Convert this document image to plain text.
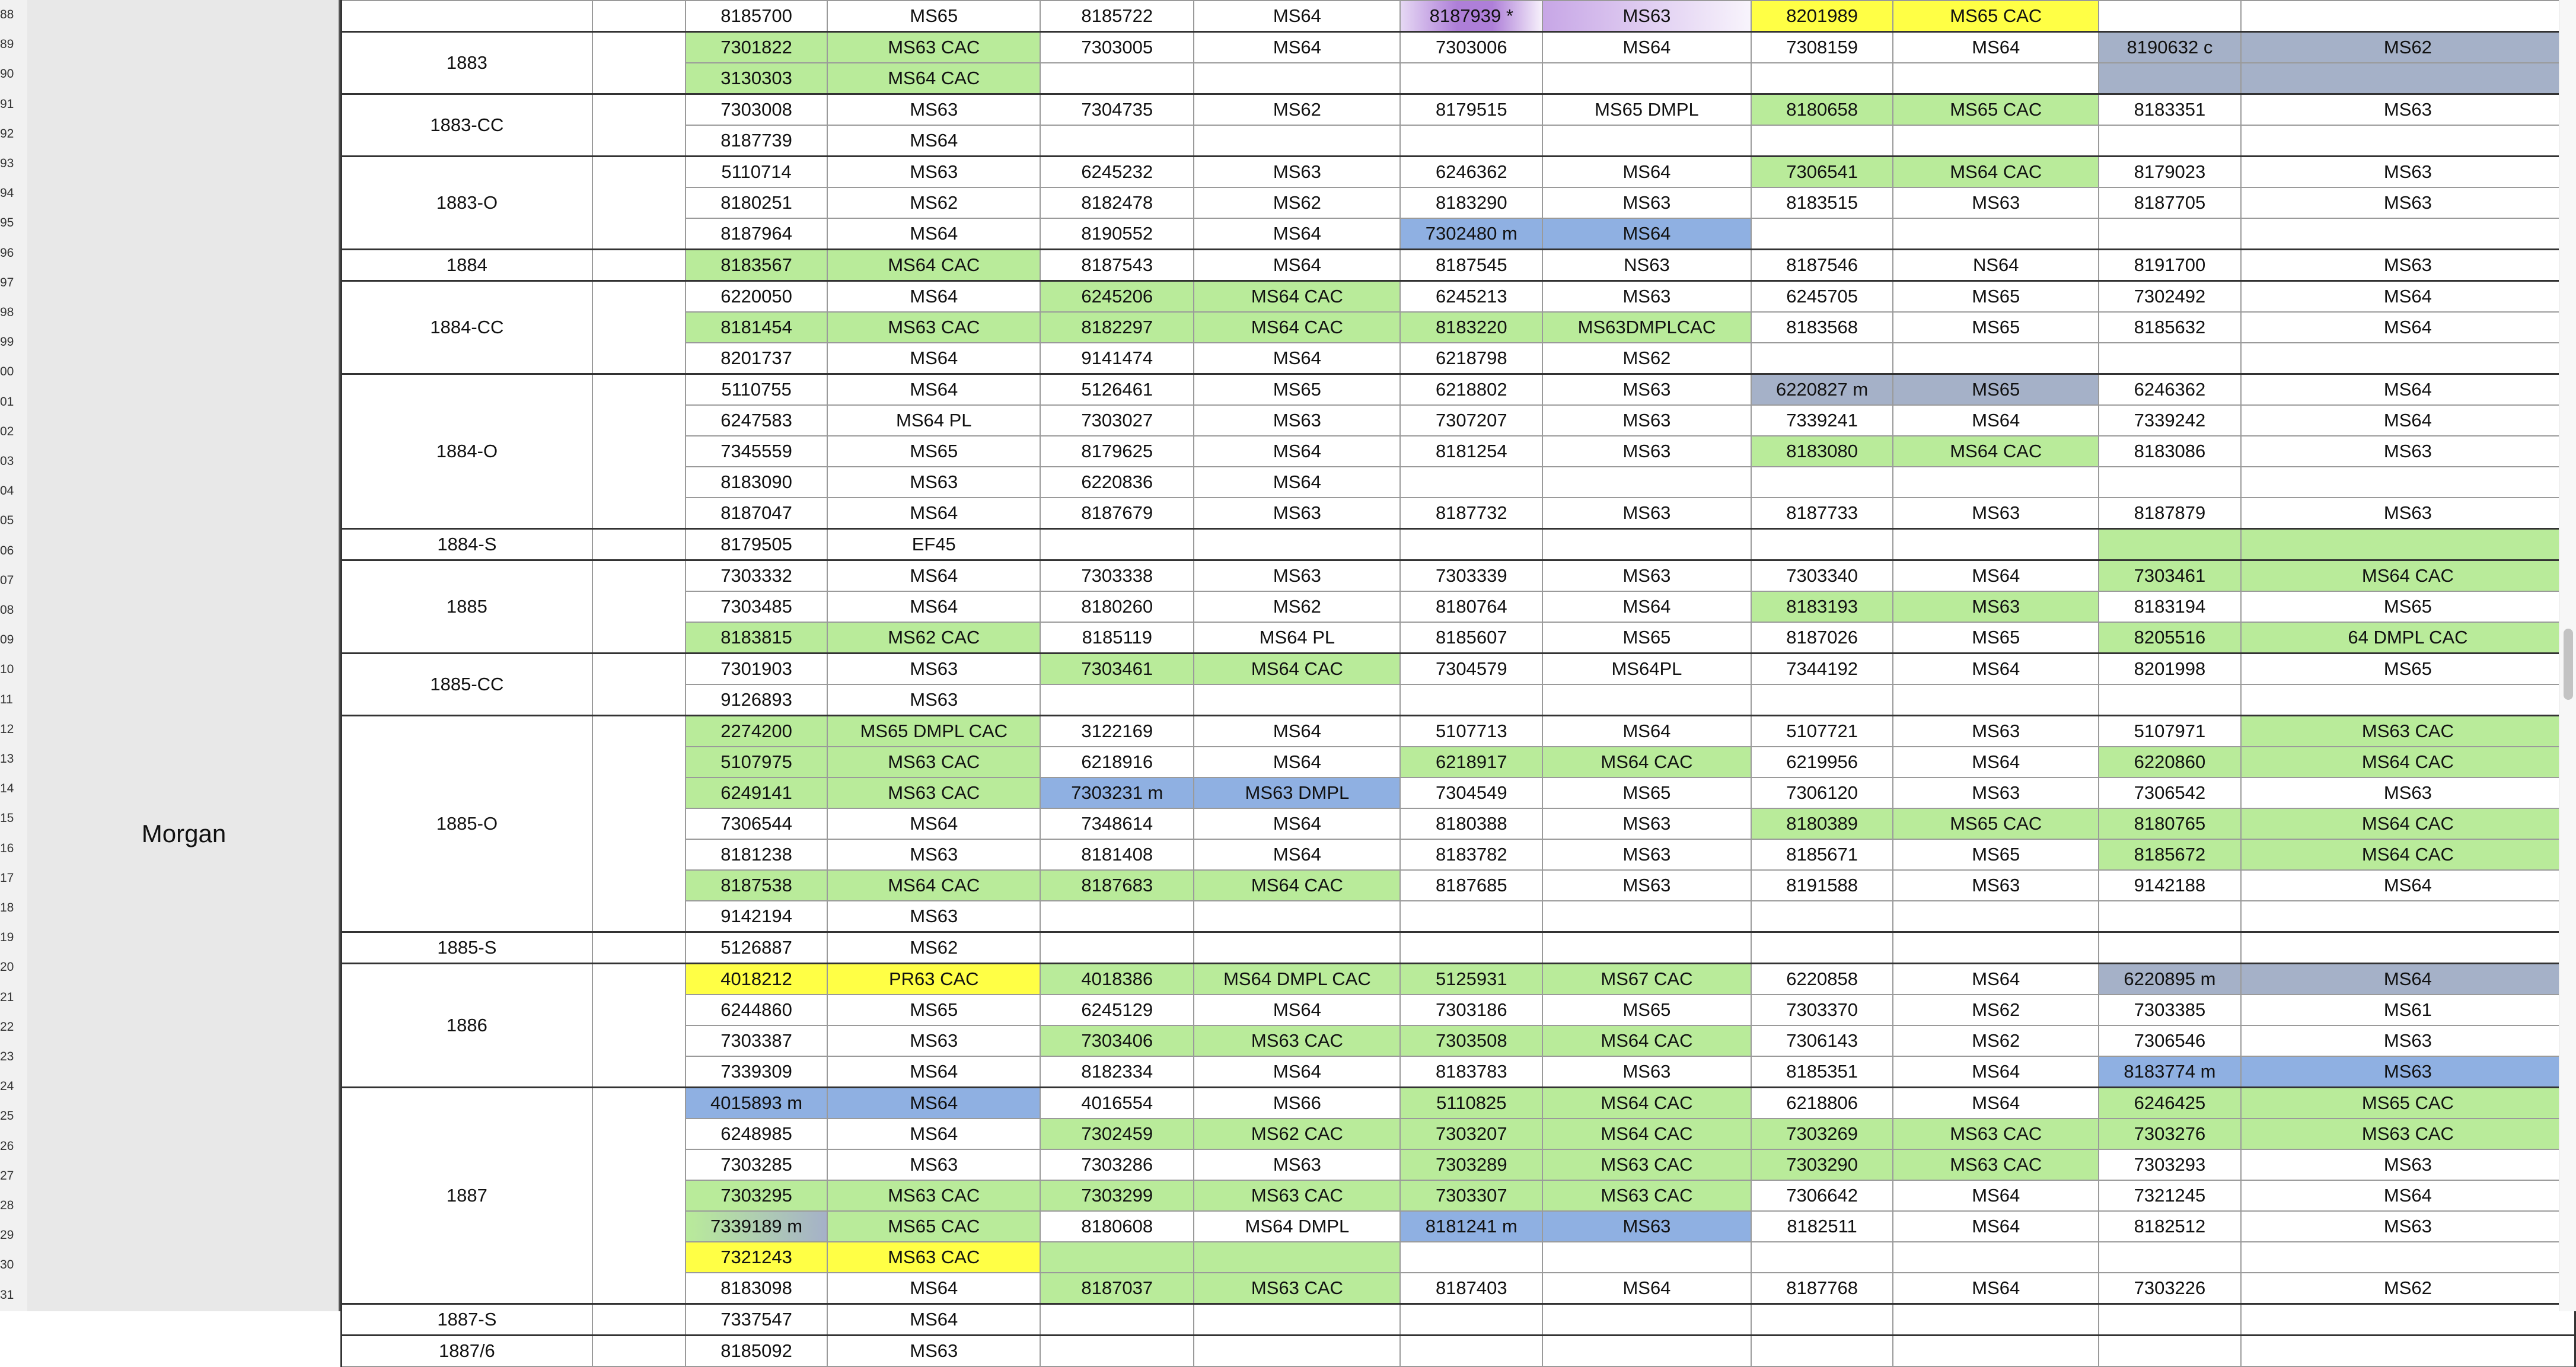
88
89
90
91
92
93
94
95
96
97
98
99
00
01
02
03
04
05
06
07
08
09
10
11
12
13
14
15
16
17
18
19
20
21
22
23
24
25
26
27
28
29
30
31
Morgan
		8185700	MS65	8185722	MS64	8187939 *	MS63	8201989	MS65 CAC		
1883		7301822	MS63 CAC	7303005	MS64	7303006	MS64	7308159	MS64	8190632 c	MS62
		3130303	MS64 CAC								
1883-CC		7303008	MS63	7304735	MS62	8179515	MS65 DMPL	8180658	MS65 CAC	8183351	MS63
		8187739	MS64								
1883-O		5110714	MS63	6245232	MS63	6246362	MS64	7306541	MS64 CAC	8179023	MS63
		8180251	MS62	8182478	MS62	8183290	MS63	8183515	MS63	8187705	MS63
		8187964	MS64	8190552	MS64	7302480 m	MS64				
1884		8183567	MS64 CAC	8187543	MS64	8187545	NS63	8187546	NS64	8191700	MS63
1884-CC		6220050	MS64	6245206	MS64 CAC	6245213	MS63	6245705	MS65	7302492	MS64
		8181454	MS63 CAC	8182297	MS64 CAC	8183220	MS63DMPLCAC	8183568	MS65	8185632	MS64
		8201737	MS64	9141474	MS64	6218798	MS62				
1884-O		5110755	MS64	5126461	MS65	6218802	MS63	6220827 m	MS65	6246362	MS64
		6247583	MS64 PL	7303027	MS63	7307207	MS63	7339241	MS64	7339242	MS64
		7345559	MS65	8179625	MS64	8181254	MS63	8183080	MS64 CAC	8183086	MS63
		8183090	MS63	6220836	MS64						
		8187047	MS64	8187679	MS63	8187732	MS63	8187733	MS63	8187879	MS63
1884-S		8179505	EF45								
1885		7303332	MS64	7303338	MS63	7303339	MS63	7303340	MS64	7303461	MS64 CAC
		7303485	MS64	8180260	MS62	8180764	MS64	8183193	MS63	8183194	MS65
		8183815	MS62 CAC	8185119	MS64 PL	8185607	MS65	8187026	MS65	8205516	64 DMPL CAC
1885-CC		7301903	MS63	7303461	MS64 CAC	7304579	MS64PL	7344192	MS64	8201998	MS65
		9126893	MS63								
1885-O		2274200	MS65 DMPL CAC	3122169	MS64	5107713	MS64	5107721	MS63	5107971	MS63 CAC
		5107975	MS63 CAC	6218916	MS64	6218917	MS64 CAC	6219956	MS64	6220860	MS64 CAC
		6249141	MS63 CAC	7303231 m	MS63 DMPL	7304549	MS65	7306120	MS63	7306542	MS63
		7306544	MS64	7348614	MS64	8180388	MS63	8180389	MS65 CAC	8180765	MS64 CAC
		8181238	MS63	8181408	MS64	8183782	MS63	8185671	MS65	8185672	MS64 CAC
		8187538	MS64 CAC	8187683	MS64 CAC	8187685	MS63	8191588	MS63	9142188	MS64
		9142194	MS63								
1885-S		5126887	MS62								
1886		4018212	PR63 CAC	4018386	MS64 DMPL CAC	5125931	MS67 CAC	6220858	MS64	6220895 m	MS64
		6244860	MS65	6245129	MS64	7303186	MS65	7303370	MS62	7303385	MS61
		7303387	MS63	7303406	MS63 CAC	7303508	MS64 CAC	7306143	MS62	7306546	MS63
		7339309	MS64	8182334	MS64	8183783	MS63	8185351	MS64	8183774 m	MS63
1887		4015893 m	MS64	4016554	MS66	5110825	MS64 CAC	6218806	MS64	6246425	MS65 CAC
		6248985	MS64	7302459	MS62 CAC	7303207	MS64 CAC	7303269	MS63 CAC	7303276	MS63 CAC
		7303285	MS63	7303286	MS63	7303289	MS63 CAC	7303290	MS63 CAC	7303293	MS63
		7303295	MS63 CAC	7303299	MS63 CAC	7303307	MS63 CAC	7306642	MS64	7321245	MS64
		7339189 m	MS65 CAC	8180608	MS64 DMPL	8181241 m	MS63	8182511	MS64	8182512	MS63
		7321243	MS63 CAC								
		8183098	MS64	8187037	MS63 CAC	8187403	MS64	8187768	MS64	7303226	MS62
1887-S		7337547	MS64								
1887/6		8185092	MS63								
